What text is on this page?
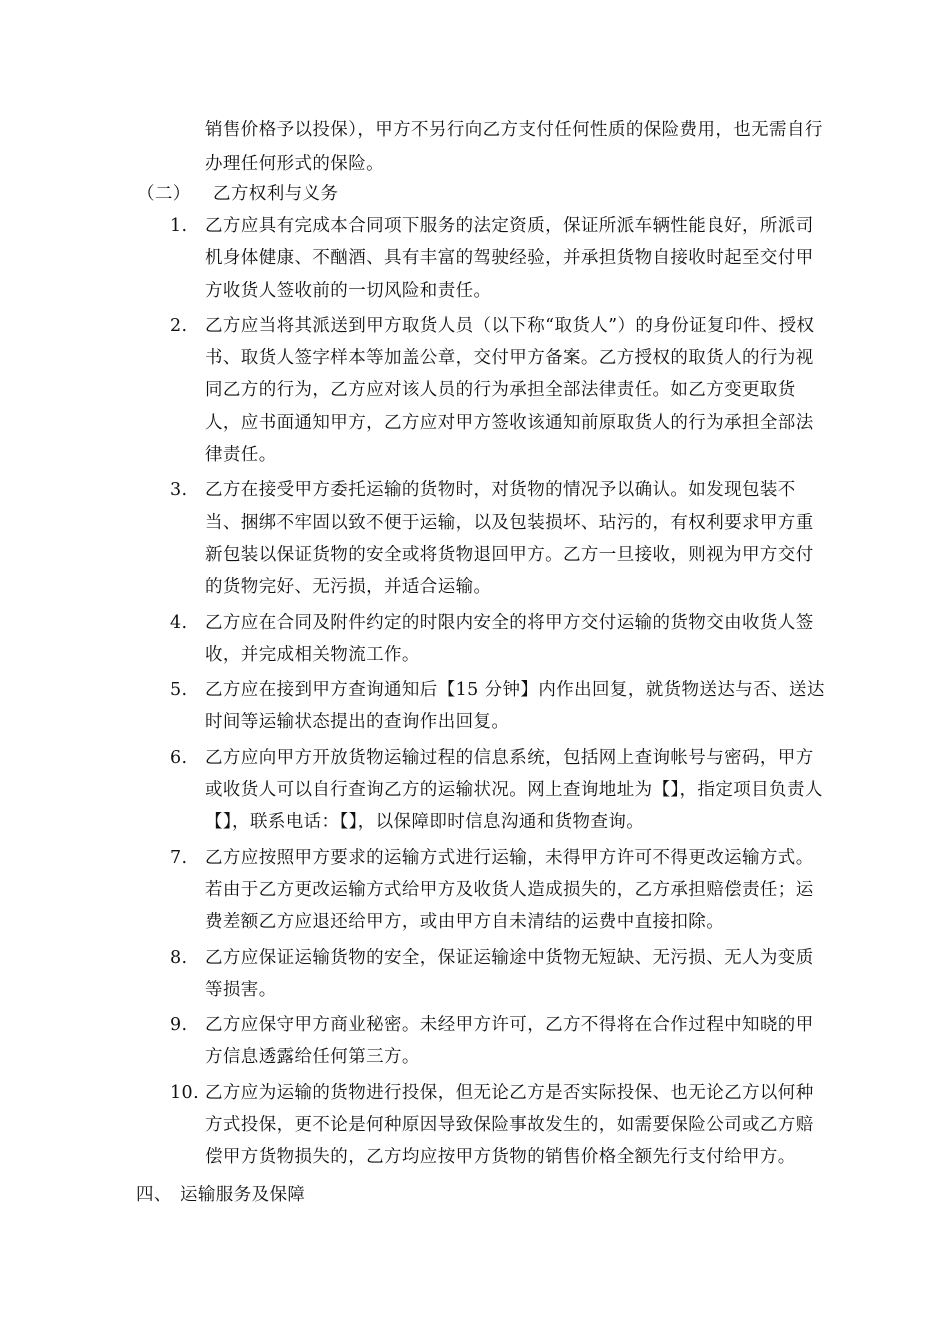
销售价格予以投保），甲方不另行向乙方支付任何性质的保险费用，也无需自行办理任何形式的保险。
（二） 乙方权利与义务
1.	乙方应具有完成本合同项下服务的法定资质，保证所派车辆性能良好，所派司机身体健康、不酗酒、具有丰富的驾驶经验，并承担货物自接收时起至交付甲方收货人签收前的一切风险和责任。
2.	乙方应当将其派送到甲方取货人员（以下称“取货人”）的身份证复印件、授权书、取货人签字样本等加盖公章，交付甲方备案。乙方授权的取货人的行为视同乙方的行为，乙方应对该人员的行为承担全部法律责任。如乙方变更取货人，应书面通知甲方，乙方应对甲方签收该通知前原取货人的行为承担全部法律责任。
3.	乙方在接受甲方委托运输的货物时，对货物的情况予以确认。如发现包装不当、捆绑不牢固以致不便于运输，以及包装损坏、玷污的，有权利要求甲方重新包装以保证货物的安全或将货物退回甲方。乙方一旦接收，则视为甲方交付的货物完好、无污损，并适合运输。
4.	乙方应在合同及附件约定的时限内安全的将甲方交付运输的货物交由收货人签收，并完成相关物流工作。
5.	乙方应在接到甲方查询通知后【15 分钟】内作出回复，就货物送达与否、送达时间等运输状态提出的查询作出回复。
6.	乙方应向甲方开放货物运输过程的信息系统，包括网上查询帐号与密码，甲方或收货人可以自行查询乙方的运输状况。网上查询地址为【】，指定项目负责人【】，联系电话：【】，以保障即时信息沟通和货物查询。
7.	乙方应按照甲方要求的运输方式进行运输，未得甲方许可不得更改运输方式。若由于乙方更改运输方式给甲方及收货人造成损失的，乙方承担赔偿责任；运费差额乙方应退还给甲方，或由甲方自未清结的运费中直接扣除。
8.	乙方应保证运输货物的安全，保证运输途中货物无短缺、无污损、无人为变质等损害。
9.	乙方应保守甲方商业秘密。未经甲方许可，乙方不得将在合作过程中知晓的甲方信息透露给任何第三方。
10. 乙方应为运输的货物进行投保，但无论乙方是否实际投保、也无论乙方以何种方式投保，更不论是何种原因导致保险事故发生的，如需要保险公司或乙方赔偿甲方货物损失的，乙方均应按甲方货物的销售价格全额先行支付给甲方。
四、 运输服务及保障
